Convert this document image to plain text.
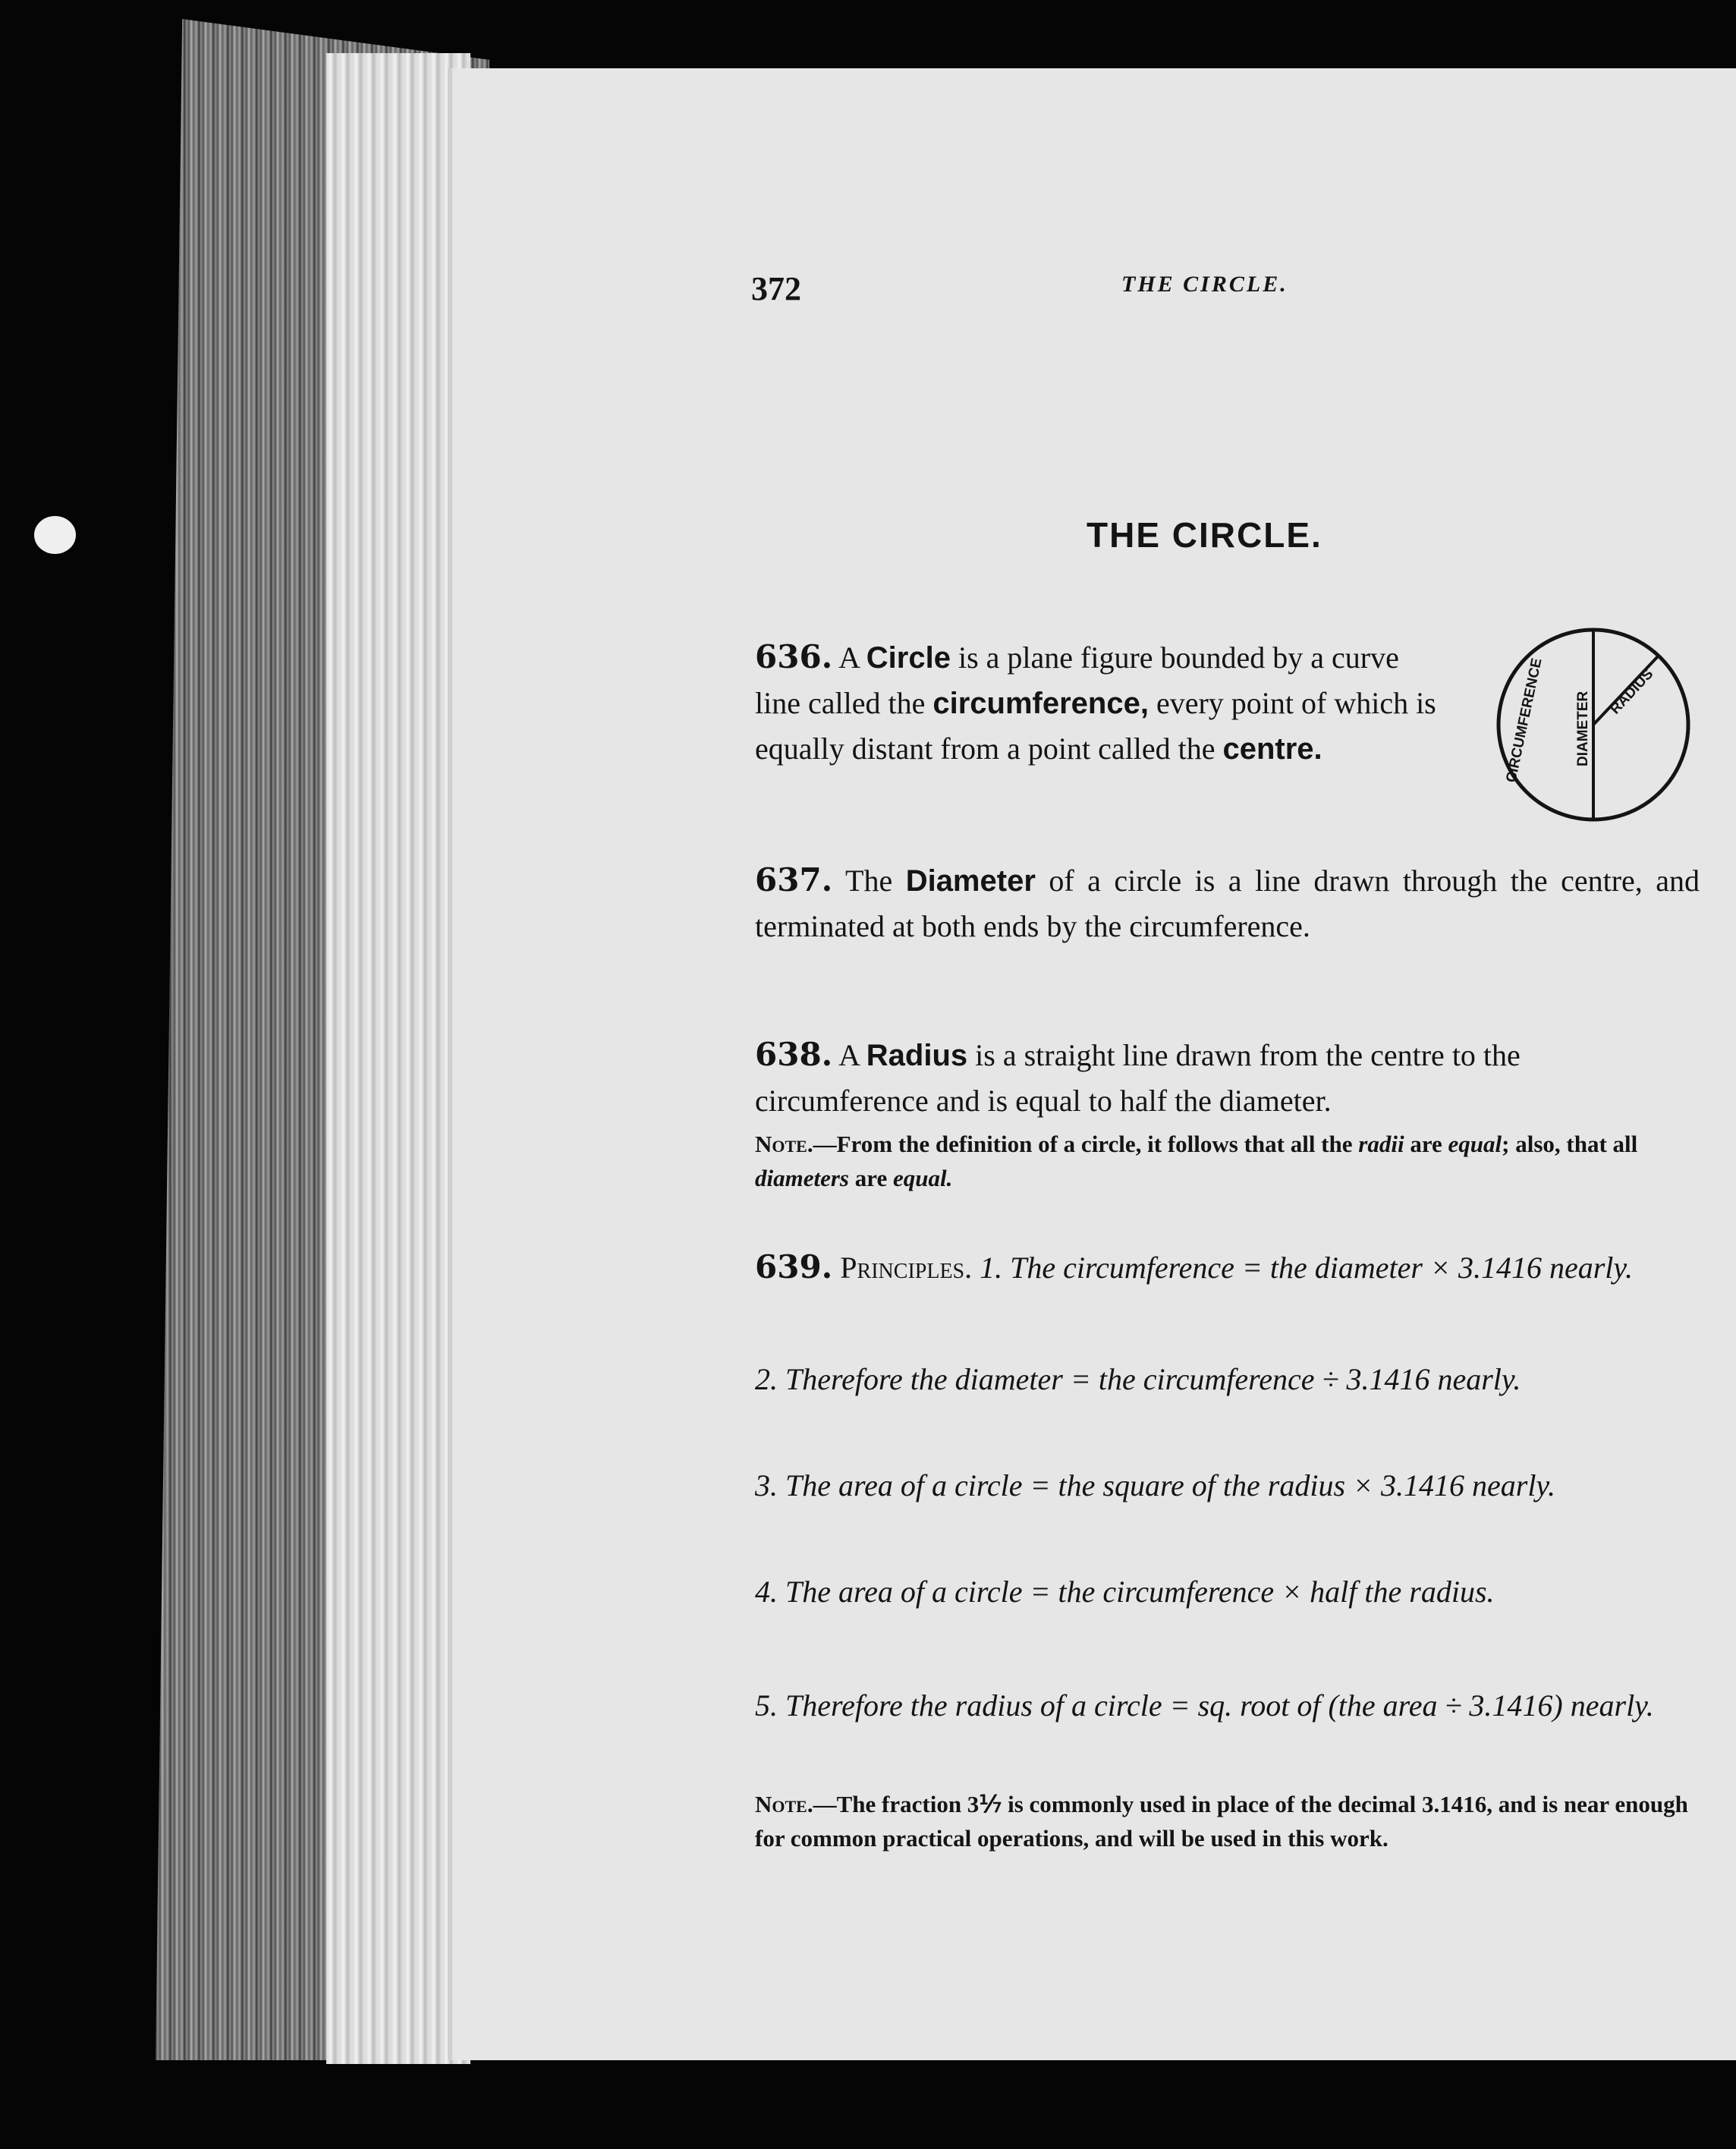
372	THE CIRCLE.
THE CIRCLE.
636. A Circle is a plane figure bounded by a curve line called the circumference, every point of which is equally distant from a point called the centre.	CIRCUMFERENCE DIAMETER RADIUS
637. The Diameter of a circle is a line drawn through the centre, and terminated at both ends by the circumference.
638. A Radius is a straight line drawn from the centre to the circumference and is equal to half the diameter.
Note.—From the definition of a circle, it follows that all the radii are equal; also, that all diameters are equal.
639. Principles. 1. The circumference = the diameter × 3.1416 nearly.
2. Therefore the diameter = the circumference ÷ 3.1416 nearly.
3. The area of a circle = the square of the radius × 3.1416 nearly.
4. The area of a circle = the circumference × half the radius.
5. Therefore the radius of a circle = sq. root of (the area ÷ 3.1416) nearly.
Note.—The fraction 3⅐ is commonly used in place of the decimal 3.1416, and is near enough for common practical operations, and will be used in this work.
